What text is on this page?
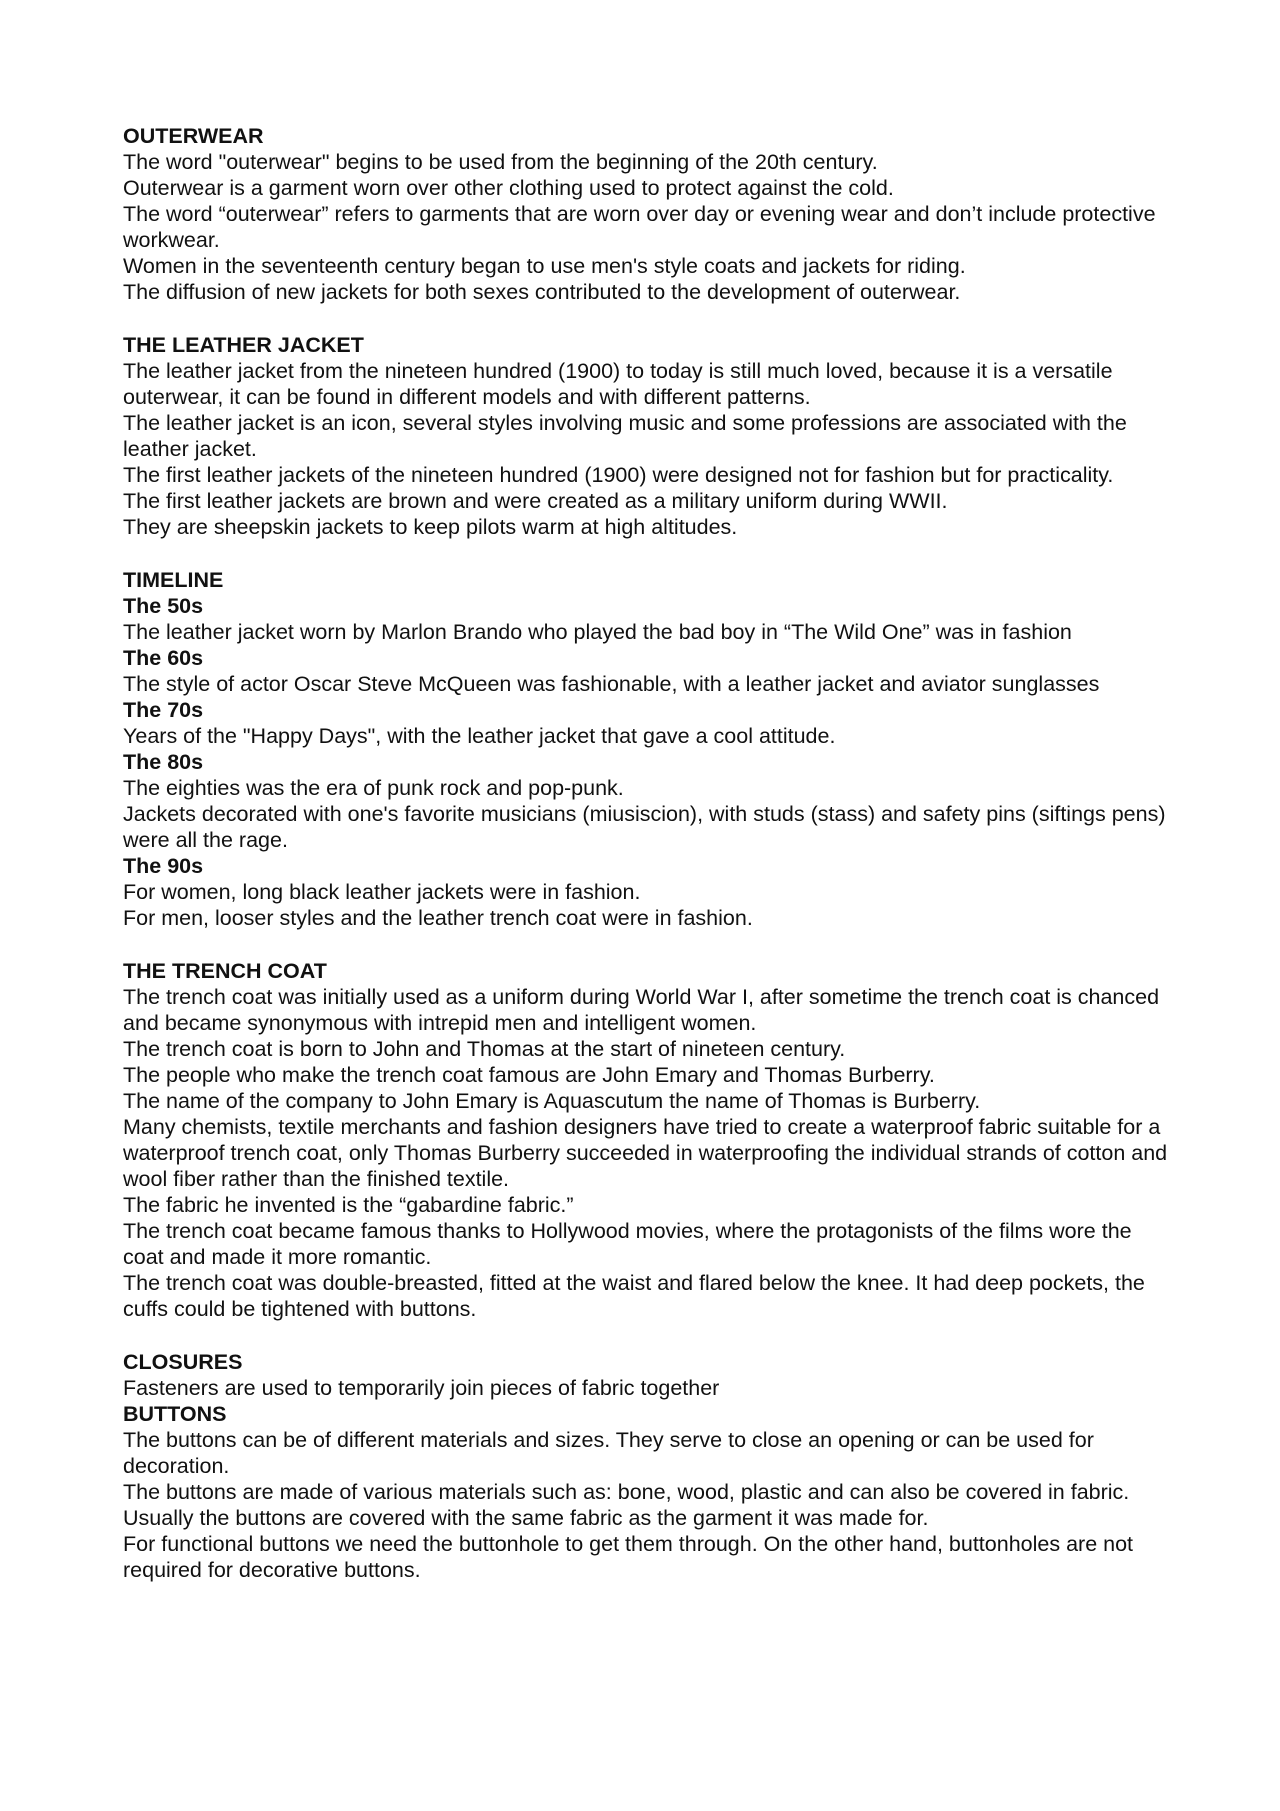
OUTERWEAR

The word "outerwear" begins to be used from the beginning of the 20th century.

Outerwear is a garment worn over other clothing used to protect against the cold.

The word “outerwear” refers to garments that are worn over day or evening wear and don’t include protective workwear.

Women in the seventeenth century began to use men's style coats and jackets for riding.

The diffusion of new jackets for both sexes contributed to the development of outerwear.

THE LEATHER JACKET

The leather jacket from the nineteen hundred (1900) to today is still much loved, because it is a versatile outerwear, it can be found in different models and with different patterns.

The leather jacket is an icon, several styles involving music and some professions are associated with the leather jacket.

The first leather jackets of the nineteen hundred (1900) were designed not for fashion but for practicality.

The first leather jackets are brown and were created as a military uniform during WWII.

They are sheepskin jackets to keep pilots warm at high altitudes.

TIMELINE

The 50s

The leather jacket worn by Marlon Brando who played the bad boy in “The Wild One” was in fashion

The 60s

The style of actor Oscar Steve McQueen was fashionable, with a leather jacket and aviator sunglasses

The 70s

Years of the "Happy Days", with the leather jacket that gave a cool attitude.

The 80s

The eighties was the era of punk rock and pop-punk.

Jackets decorated with one's favorite musicians (miusiscion), with studs (stass) and safety pins (siftings pens) were all the rage.

The 90s

For women, long black leather jackets were in fashion.

For men, looser styles and the leather trench coat were in fashion.

THE TRENCH COAT

The trench coat was initially used as a uniform during World War I, after sometime the trench coat is chanced and became synonymous with intrepid men and intelligent women.

The trench coat is born to John and Thomas at the start of nineteen century.

The people who make the trench coat famous are John Emary and Thomas Burberry.

The name of the company to John Emary is Aquascutum the name of Thomas is Burberry.

Many chemists, textile merchants and fashion designers have tried to create a waterproof fabric suitable for a waterproof trench coat, only Thomas Burberry succeeded in waterproofing the individual strands of cotton and wool fiber rather than the finished textile.

The fabric he invented is the “gabardine fabric.”

The trench coat became famous thanks to Hollywood movies, where the protagonists of the films wore the coat and made it more romantic.

The trench coat was double-breasted, fitted at the waist and flared below the knee. It had deep pockets, the cuffs could be tightened with buttons.

CLOSURES

Fasteners are used to temporarily join pieces of fabric together

BUTTONS

The buttons can be of different materials and sizes. They serve to close an opening or can be used for decoration.

The buttons are made of various materials such as: bone, wood, plastic and can also be covered in fabric. Usually the buttons are covered with the same fabric as the garment it was made for.

For functional buttons we need the buttonhole to get them through. On the other hand, buttonholes are not required for decorative buttons.
